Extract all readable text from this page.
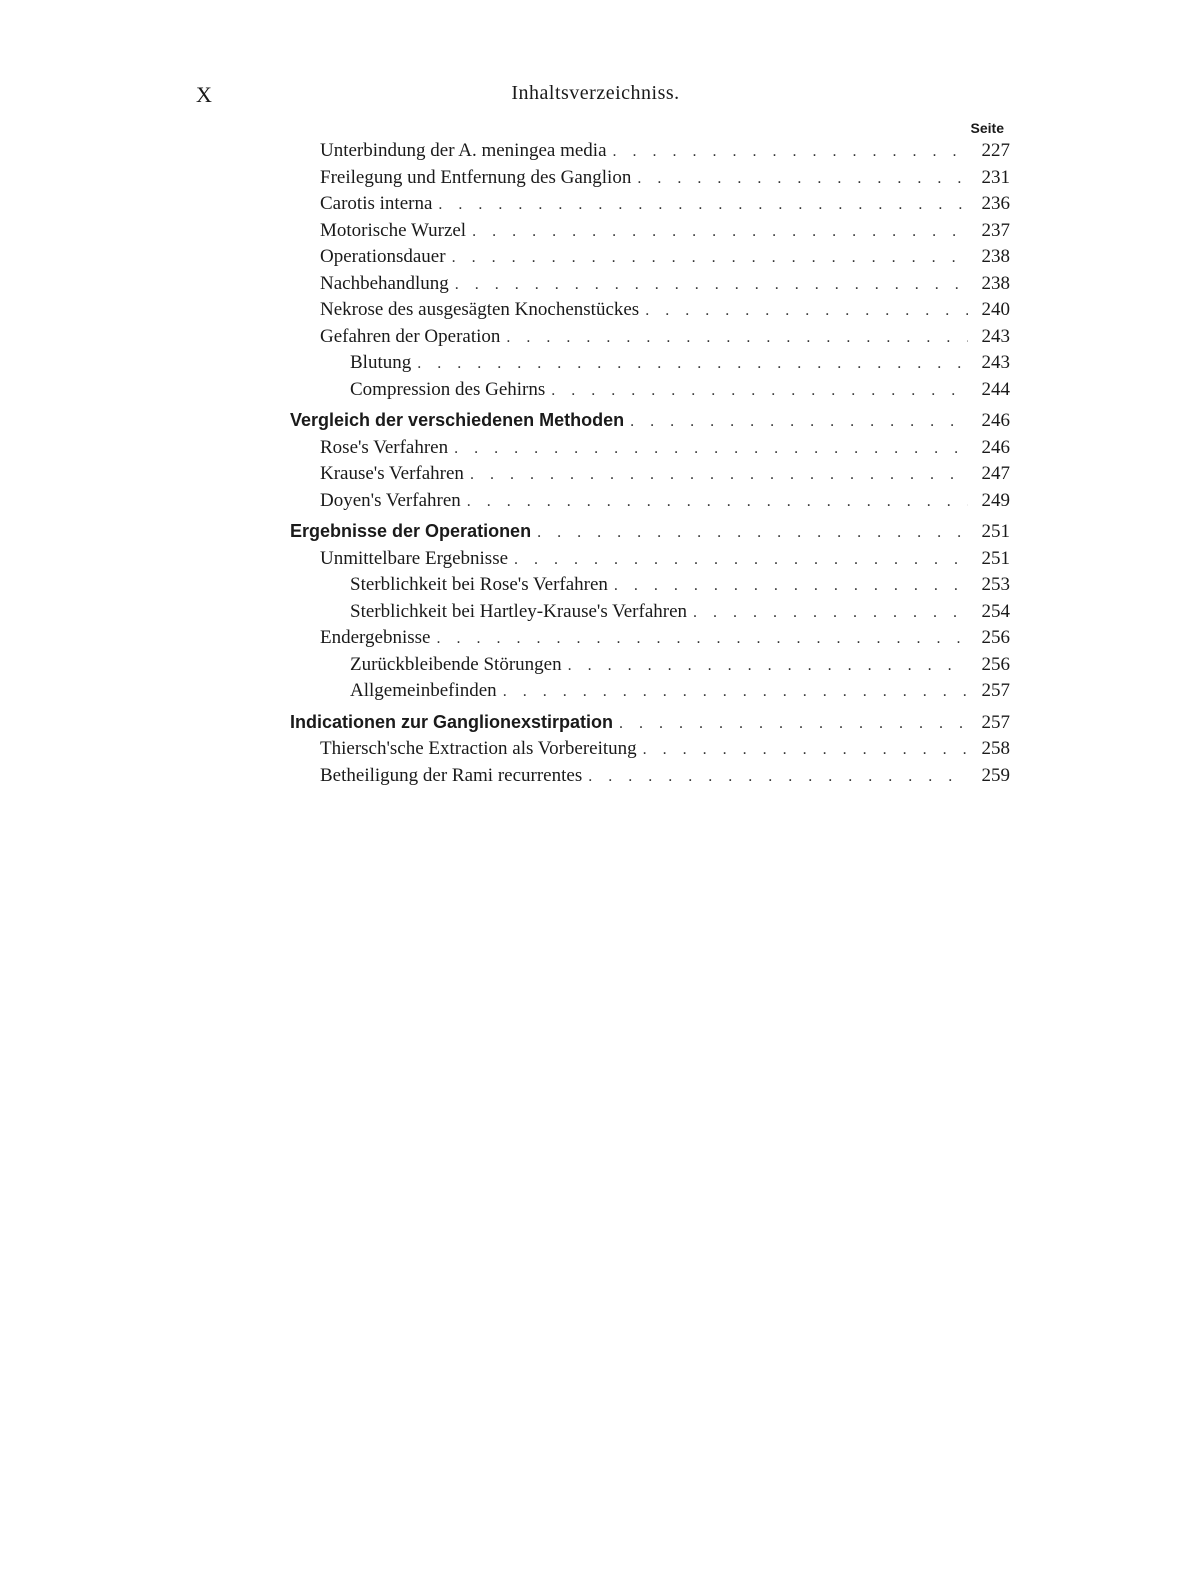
X	Inhaltsverzeichniss.
Seite
Unterbindung der A. meningea media . . .	227
Freilegung und Entfernung des Ganglion . . .	231
Carotis interna . . .	236
Motorische Wurzel . . .	237
Operationsdauer . . .	238
Nachbehandlung . . .	238
Nekrose des ausgesägten Knochenstückes . . .	240
Gefahren der Operation . . .	243
Blutung . . .	243
Compression des Gehirns . . .	244
Vergleich der verschiedenen Methoden . . .	246
Rose's Verfahren . . .	246
Krause's Verfahren . . .	247
Doyen's Verfahren . . .	249
Ergebnisse der Operationen . . .	251
Unmittelbare Ergebnisse . . .	251
Sterblichkeit bei Rose's Verfahren . . .	253
Sterblichkeit bei Hartley-Krause's Verfahren . . .	254
Endergebnisse . . .	256
Zurückbleibende Störungen . . .	256
Allgemeinbefinden . . .	257
Indicationen zur Ganglionexstirpation . . .	257
Thiersch'sche Extraction als Vorbereitung . . .	258
Betheiligung der Rami recurrentes . . .	259
